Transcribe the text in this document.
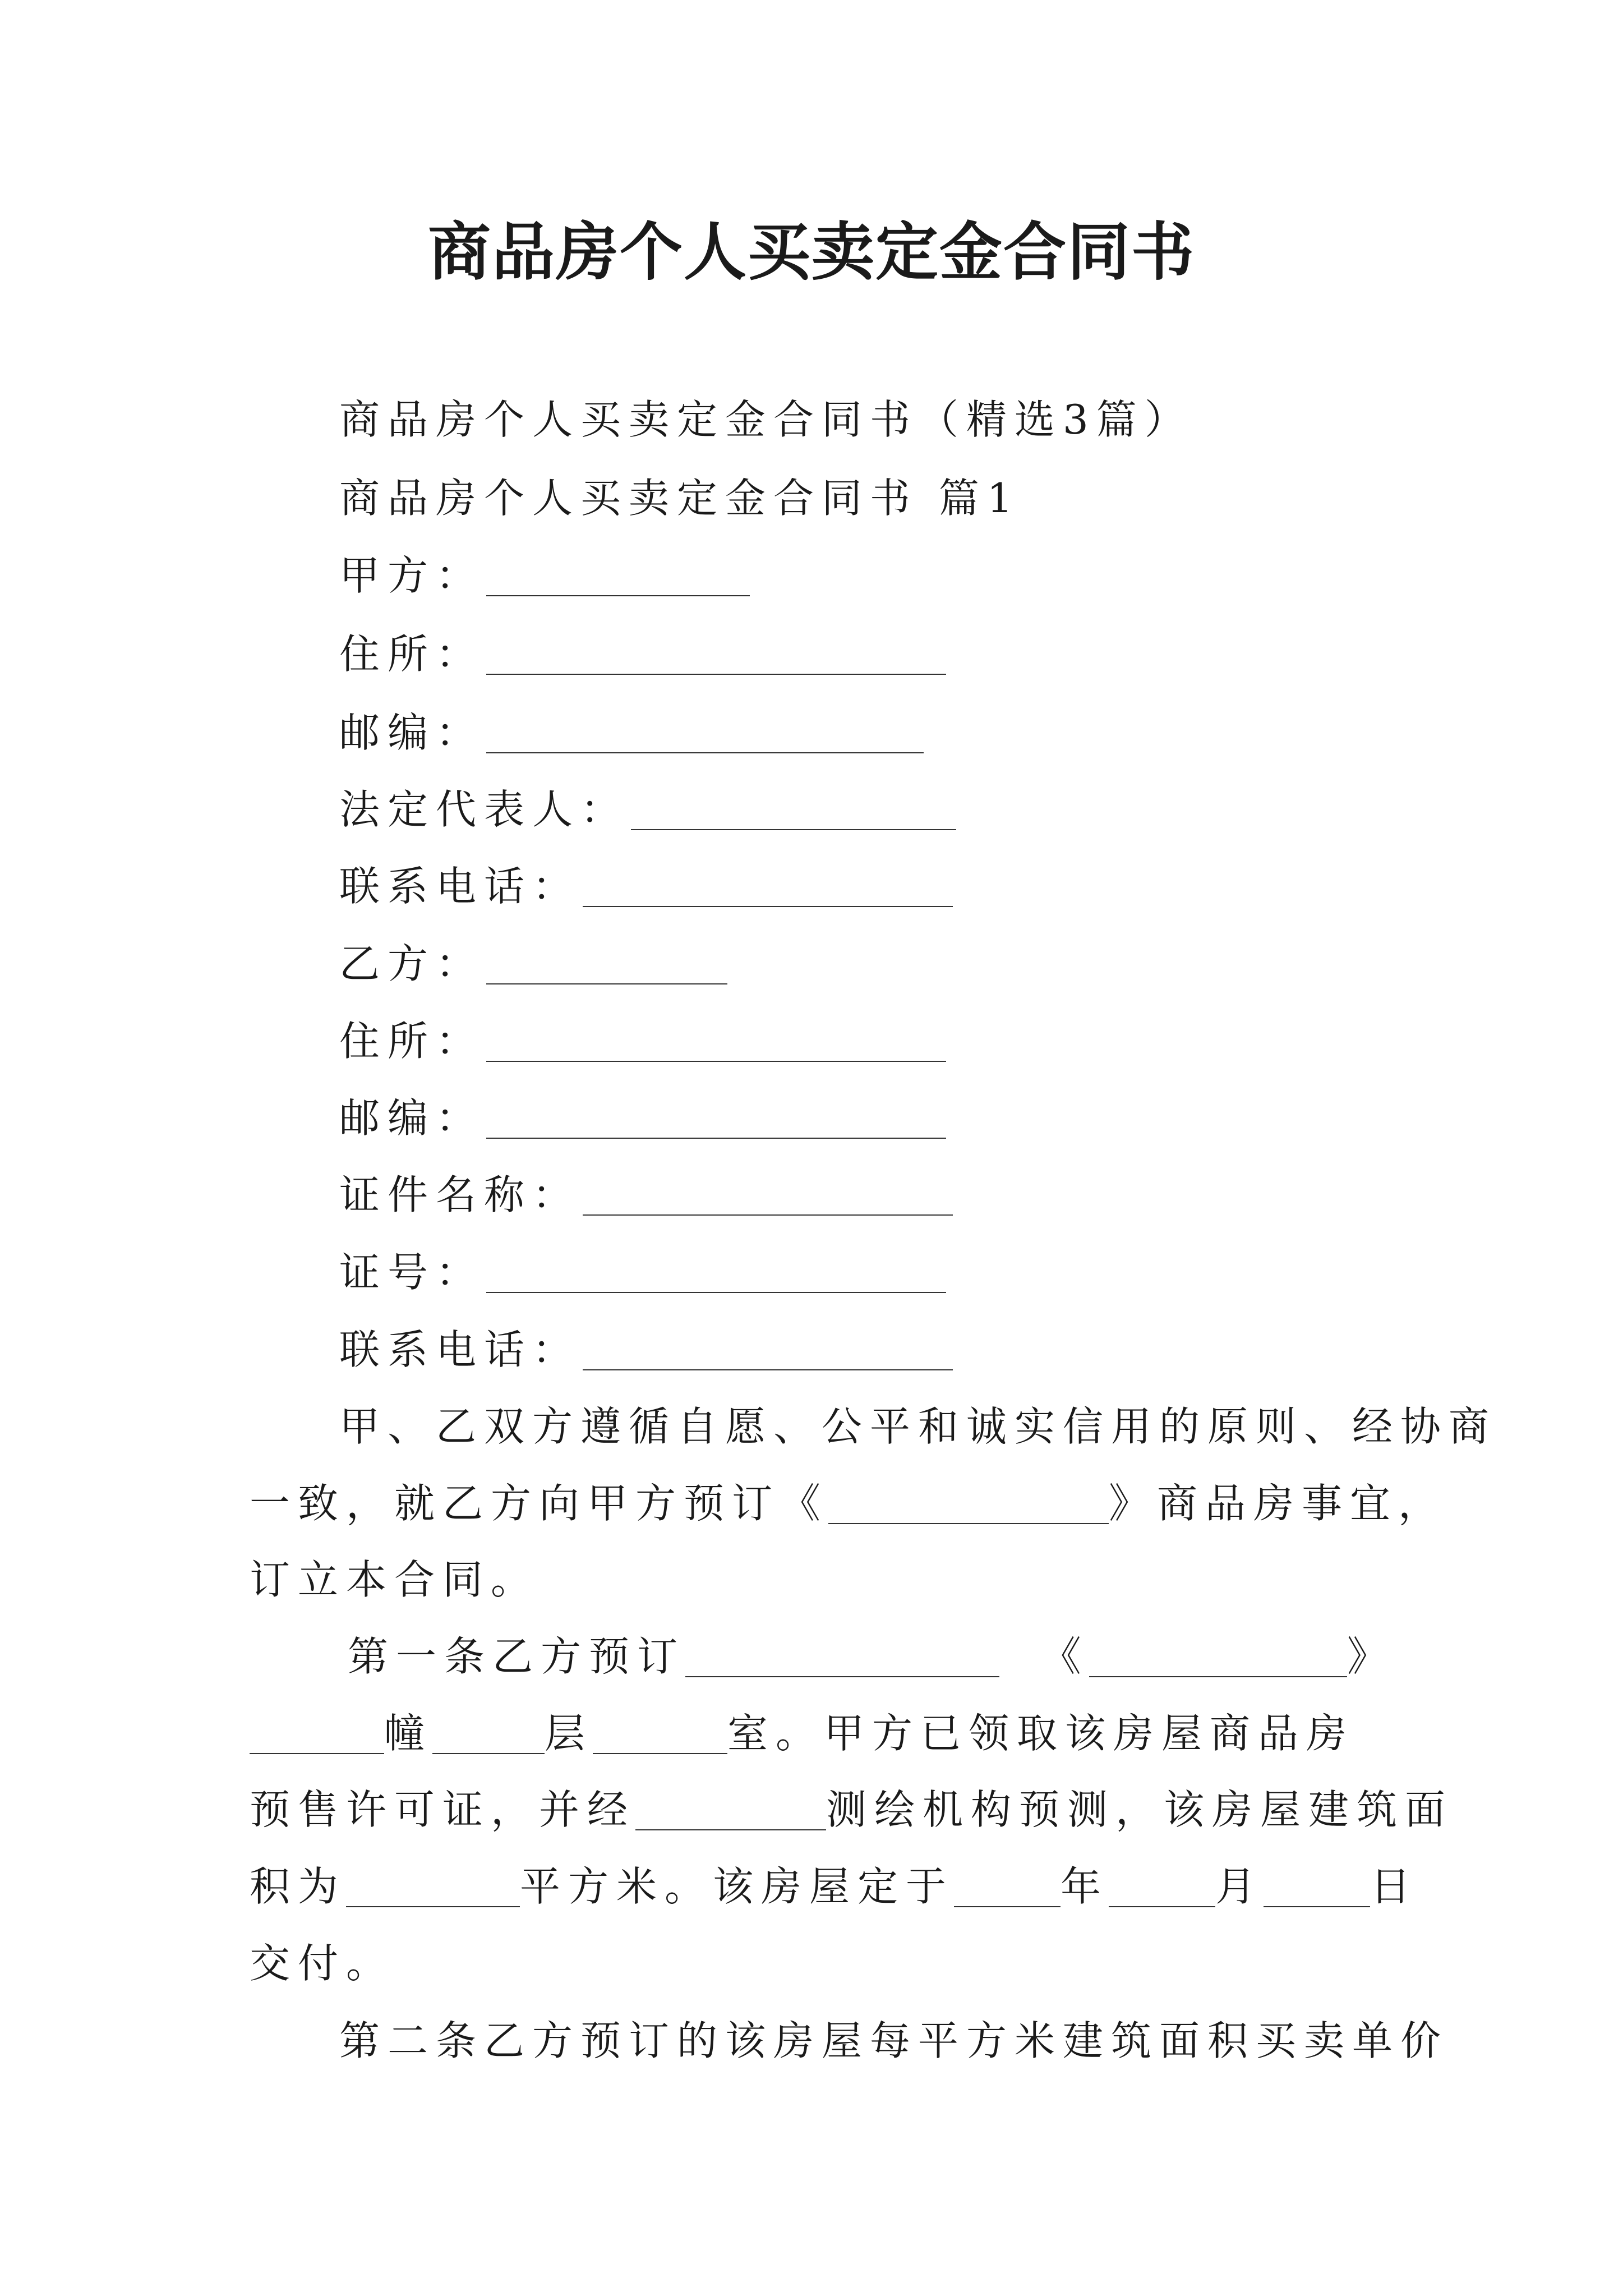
商品房个人买卖定金合同书
商品房个人买卖定金合同书（精选3篇）
商品房个人买卖定金合同书 篇1
甲方：
住所：
邮编：
法定代表人：
联系电话：
乙方：
住所：
邮编：
证件名称：
证号：
联系电话：
甲、乙双方遵循自愿、公平和诚实信用的原则、经协商
一致，就乙方向甲方预订《	》商品房事宜，
订立本合同。
第一条乙方预订	《	》
幢	层	室。甲方已领取该房屋商品房
预售许可证，并经	测绘机构预测，该房屋建筑面
积为	平方米。该房屋定于	年	月	日
交付。
第二条乙方预订的该房屋每平方米建筑面积买卖单价
